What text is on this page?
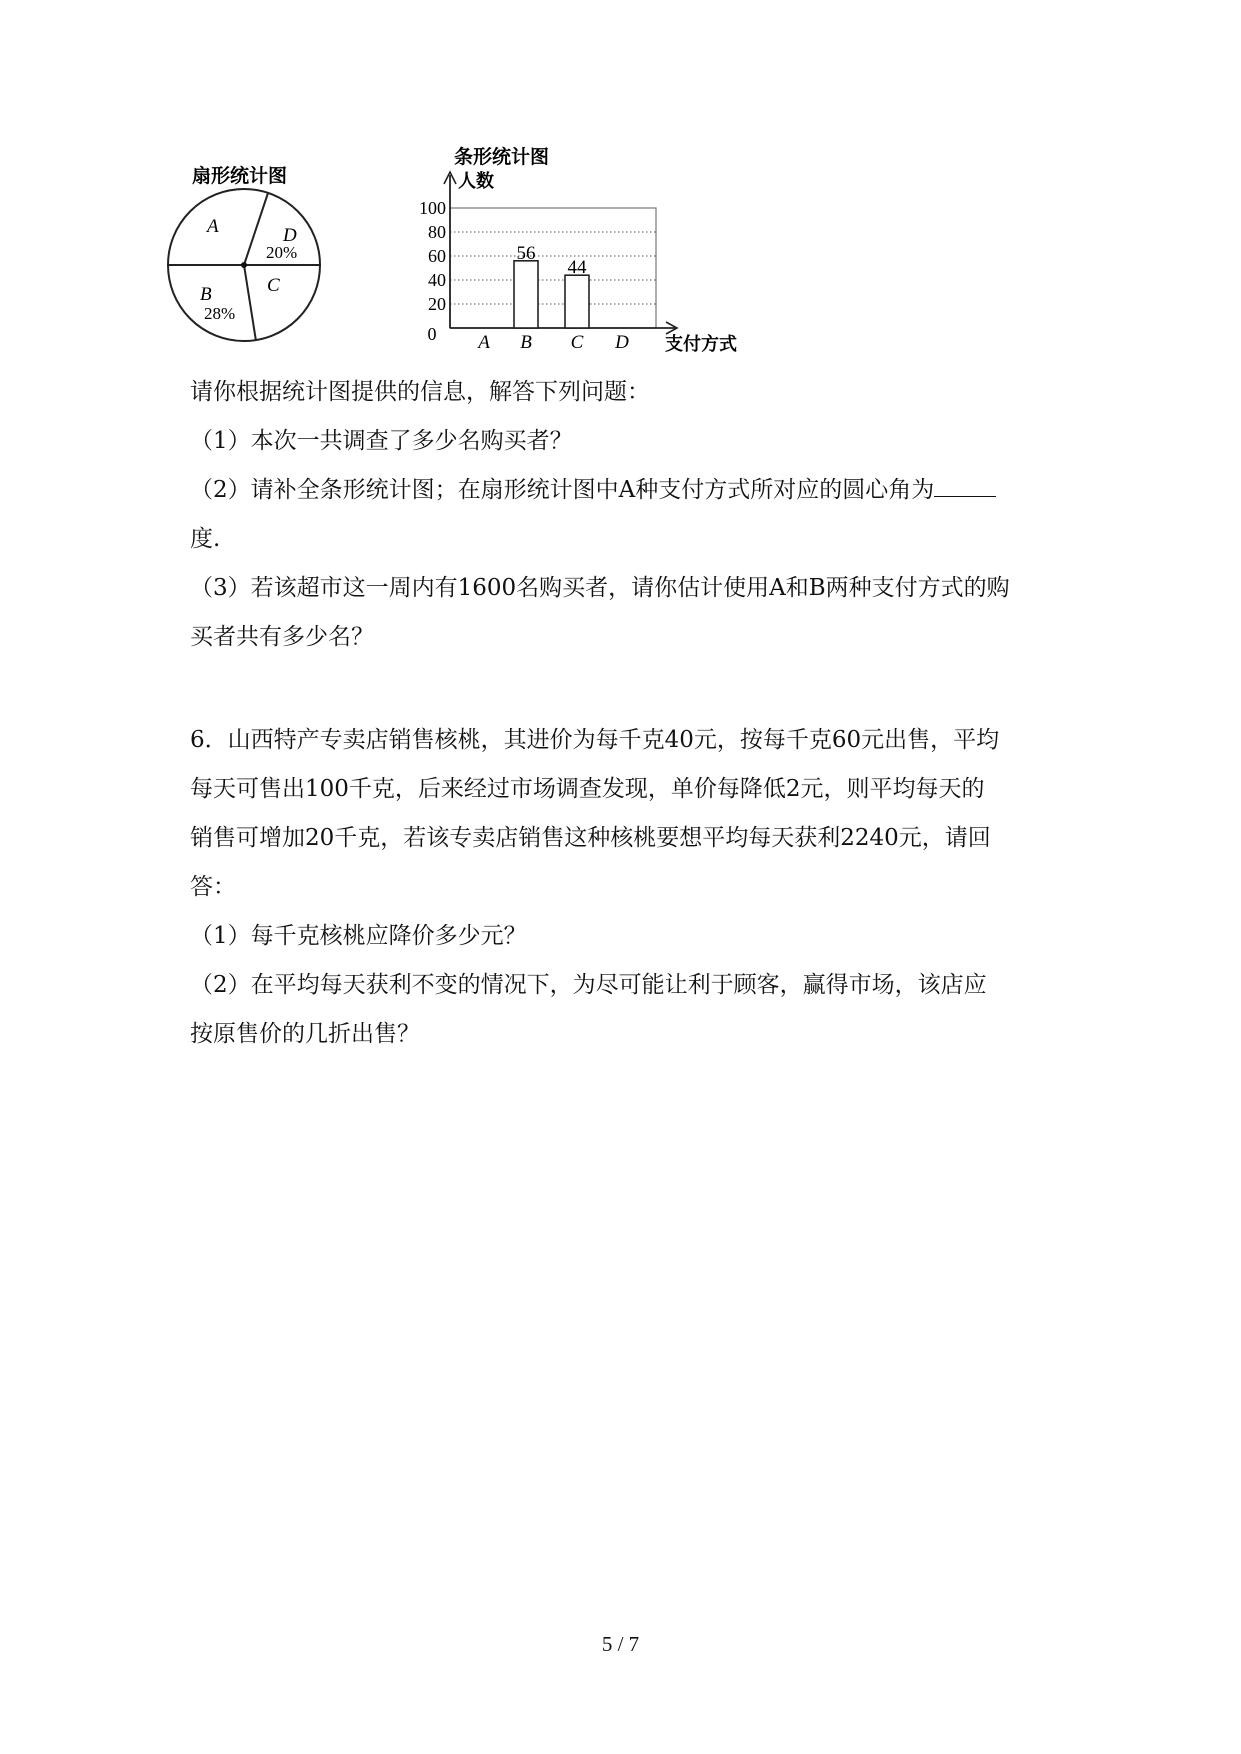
扇形统计图
A	D
20%
C
B
28%
条形统计图
人数
0
20
40
60
80
100
56
44
A B C D 支付方式
请你根据统计图提供的信息，解答下列问题：
（1）本次一共调查了多少名购买者？
（2）请补全条形统计图；在扇形统计图中A种支付方式所对应的圆心角为
度.
（3）若该超市这一周内有1600名购买者，请你估计使用A和B两种支付方式的购
买者共有多少名？
6．山西特产专卖店销售核桃，其进价为每千克40元，按每千克60元出售，平均
每天可售出100千克，后来经过市场调查发现，单价每降低2元，则平均每天的
销售可增加20千克，若该专卖店销售这种核桃要想平均每天获利2240元，请回
答：
（1）每千克核桃应降价多少元？
（2）在平均每天获利不变的情况下，为尽可能让利于顾客，赢得市场，该店应
按原售价的几折出售？
5 / 7
